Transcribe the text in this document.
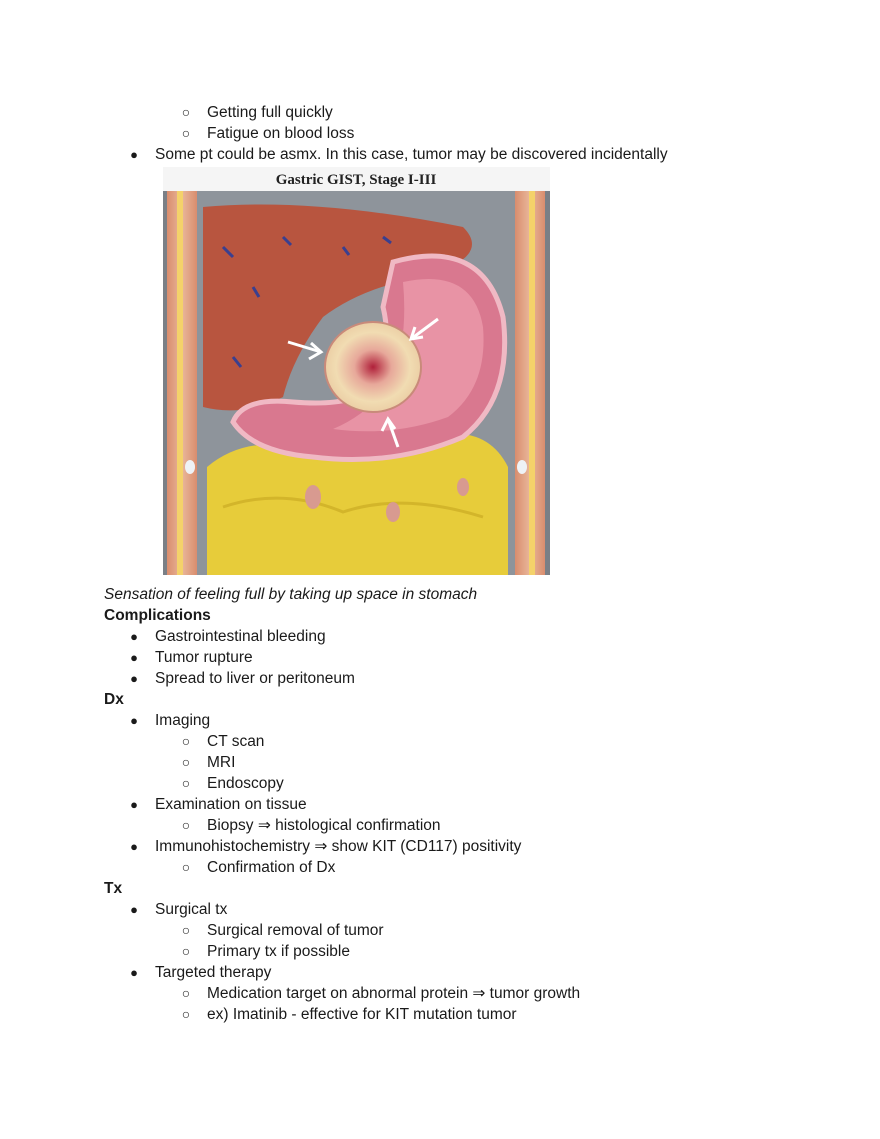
○ Getting full quickly
○ Fatigue on blood loss
● Some pt could be asmx. In this case, tumor may be discovered incidentally
Gastric GIST, Stage I-III
Sensation of feeling full by taking up space in stomach
Complications
● Gastrointestinal bleeding
● Tumor rupture
● Spread to liver or peritoneum
Dx
● Imaging
○ CT scan
○ MRI
○ Endoscopy
● Examination on tissue
○ Biopsy ⇒ histological confirmation
● Immunohistochemistry ⇒ show KIT (CD117) positivity
○ Confirmation of Dx
Tx
● Surgical tx
○ Surgical removal of tumor
○ Primary tx if possible
● Targeted therapy
○ Medication target on abnormal protein ⇒ tumor growth
○ ex) Imatinib - effective for KIT mutation tumor
